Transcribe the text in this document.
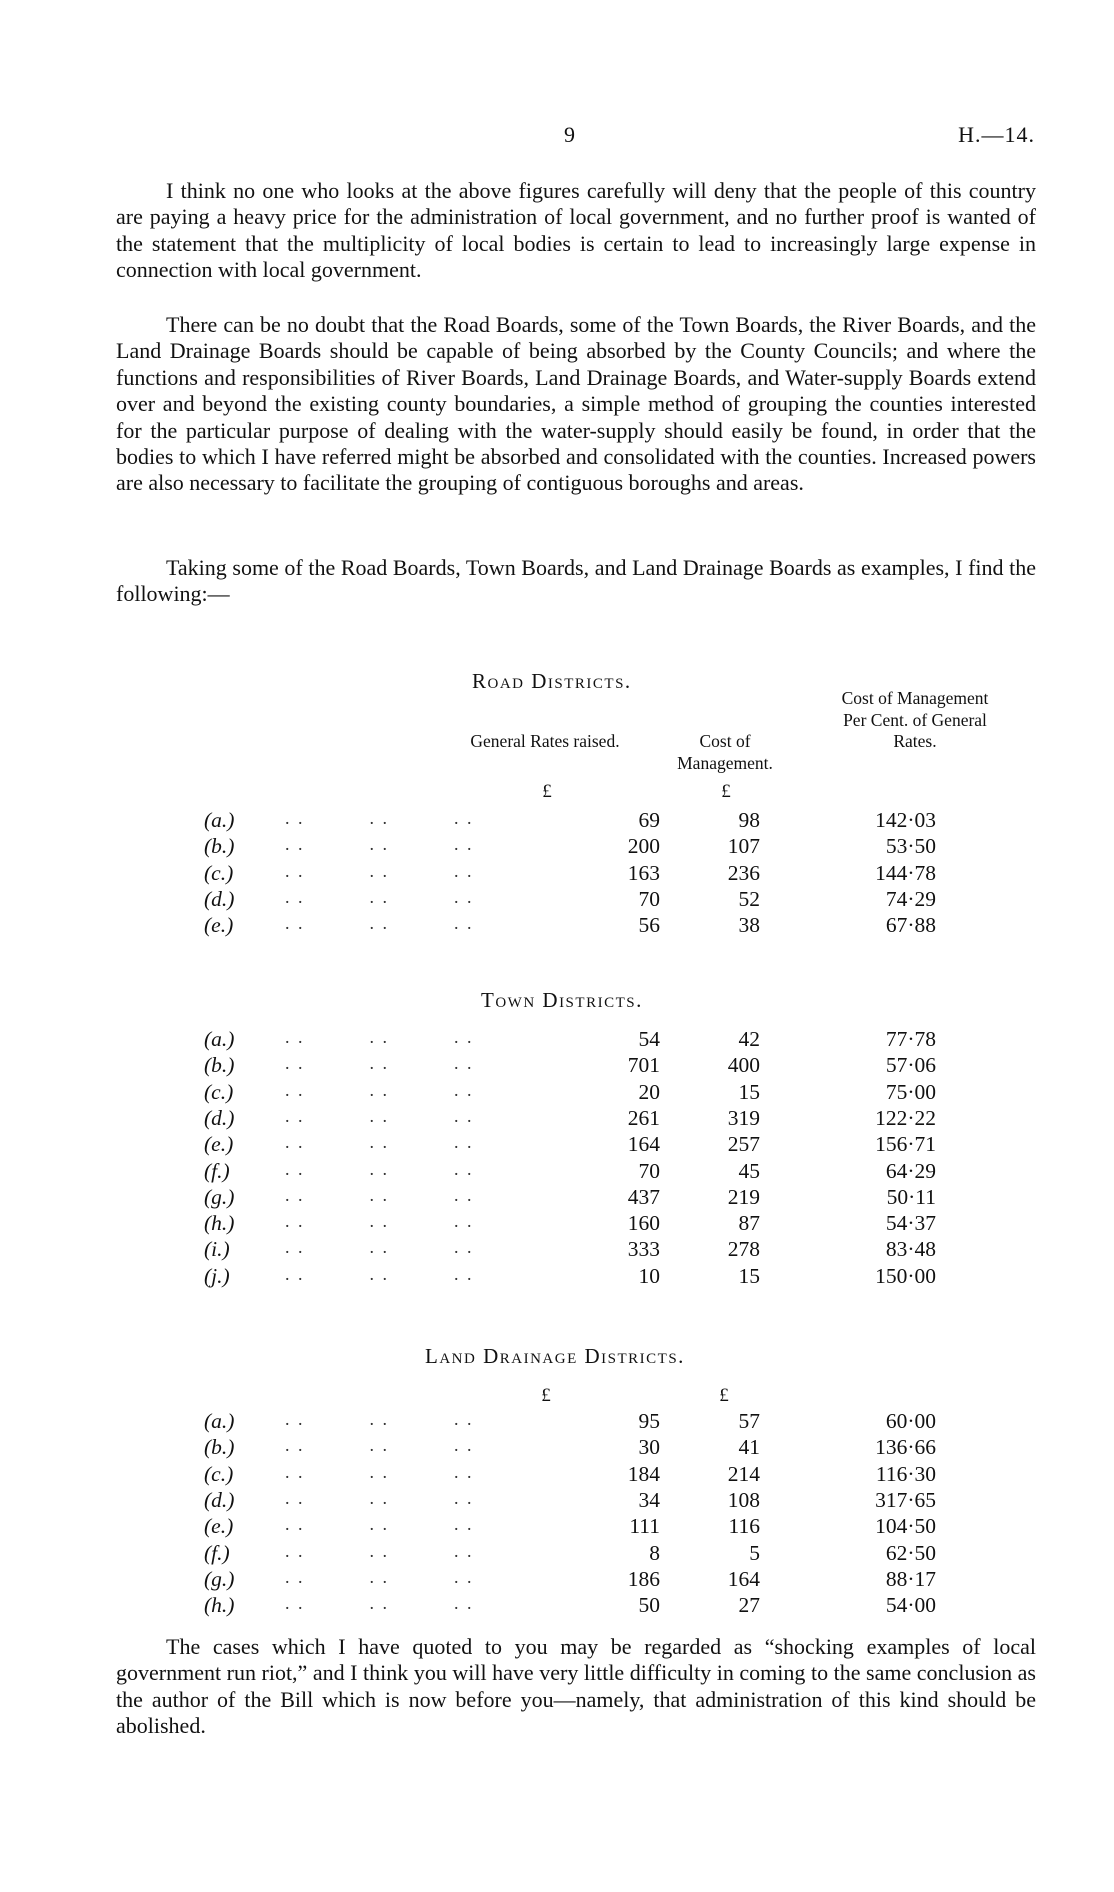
9	H.—14.

I think no one who looks at the above figures carefully will deny that the people of this country are paying a heavy price for the administration of local government, and no further proof is wanted of the statement that the multiplicity of local bodies is certain to lead to increasingly large expense in connection with local government.

There can be no doubt that the Road Boards, some of the Town Boards, the River Boards, and the Land Drainage Boards should be capable of being absorbed by the County Councils; and where the functions and responsibilities of River Boards, Land Drainage Boards, and Water-supply Boards extend over and beyond the existing county boundaries, a simple method of grouping the counties interested for the particular purpose of dealing with the water-supply should easily be found, in order that the bodies to which I have referred might be absorbed and consolidated with the counties. Increased powers are also necessary to facilitate the grouping of contiguous boroughs and areas.

Taking some of the Road Boards, Town Boards, and Land Drainage Boards as examples, I find the following:—

Road Districts.
General Rates raised.	Cost of Management.
Cost of Management Per Cent. of General Rates.
£	£
(a.)	. .          . .          . .	69	98	142·03
(b.)	. .          . .          . .	200	107	53·50
(c.)	. .          . .          . .	163	236	144·78
(d.)	. .          . .          . .	70	52	74·29
(e.)	. .          . .          . .	56	38	67·88
Town Districts.
(a.)	. .          . .          . .	54	42	77·78
(b.)	. .          . .          . .	701	400	57·06
(c.)	. .          . .          . .	20	15	75·00
(d.)	. .          . .          . .	261	319	122·22
(e.)	. .          . .          . .	164	257	156·71
(f.)	. .          . .          . .	70	45	64·29
(g.)	. .          . .          . .	437	219	50·11
(h.)	. .          . .          . .	160	87	54·37
(i.)	. .          . .          . .	333	278	83·48
(j.)	. .          . .          . .	10	15	150·00
Land Drainage Districts.
£	£
(a.)	. .          . .          . .	95	57	60·00
(b.)	. .          . .          . .	30	41	136·66
(c.)	. .          . .          . .	184	214	116·30
(d.)	. .          . .          . .	34	108	317·65
(e.)	. .          . .          . .	111	116	104·50
(f.)	. .          . .          . .	8	5	62·50
(g.)	. .          . .          . .	186	164	88·17
(h.)	. .          . .          . .	50	27	54·00

The cases which I have quoted to you may be regarded as “shocking examples of local government run riot,” and I think you will have very little difficulty in coming to the same conclusion as the author of the Bill which is now before you—namely, that administration of this kind should be abolished.
